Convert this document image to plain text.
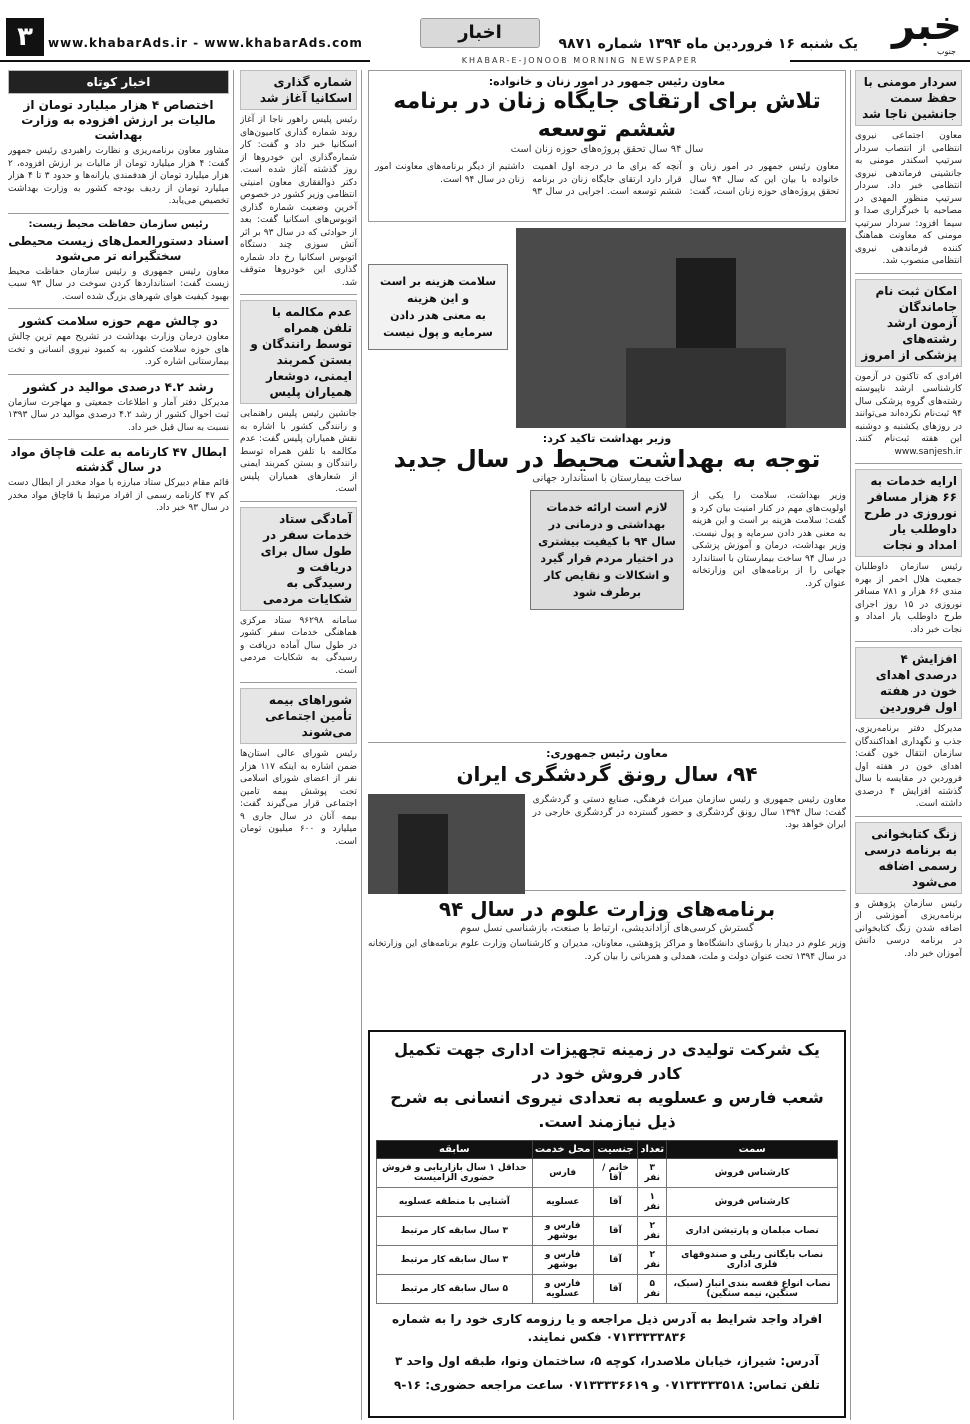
خبر
جنوب
یک شنبه ۱۶ فروردین ماه ۱۳۹۴ شماره ۹۸۷۱
اخبار
www.khabarAds.ir - www.khabarAds.com
۳
KHABAR-E-JONOOB MORNING NEWSPAPER
سردار مومنی با حفظ سمت جانشین ناجا شد
معاون اجتماعی نیروی انتظامی از انتصاب سردار سرتیپ اسکندر مومنی به جانشینی فرماندهی نیروی انتظامی خبر داد. سردار سرتیپ منظور المهدی در مصاحبه با خبرگزاری صدا و سیما افزود: سردار سرتیپ مومنی که معاونت هماهنگ کننده فرماندهی نیروی انتظامی منصوب شد.
امکان ثبت نام جاماندگان آزمون ارشد رشته‌های پزشکی از امروز
افرادی که تاکنون در آزمون کارشناسی ارشد ناپیوسته رشته‌های گروه پزشکی سال ۹۴ ثبت‌نام نکرده‌اند می‌توانند در روزهای یکشنبه و دوشنبه این هفته ثبت‌نام کنند. www.sanjesh.ir
ارایه خدمات به ۶۶ هزار مسافر نوروزی در طرح داوطلب یار امداد و نجات
رئیس سازمان داوطلبان جمعیت هلال احمر از بهره مندی ۶۶ هزار و ۷۸۱ مسافر نوروزی در ۱۵ روز اجرای طرح داوطلب یار امداد و نجات خبر داد.
افزایش ۴ درصدی اهدای خون در هفته اول فروردین
مدیرکل دفتر برنامه‌ریزی، جذب و نگهداری اهداکنندگان سازمان انتقال خون گفت: اهدای خون در هفته اول فروردین در مقایسه با سال گذشته افزایش ۴ درصدی داشته است.
زنگ کتابخوانی به برنامه درسی رسمی اضافه می‌شود
رئیس سازمان پژوهش و برنامه‌ریزی آموزشی از اضافه شدن زنگ کتابخوانی در برنامه درسی دانش آموزان خبر داد.
معاون رئیس جمهور در امور زنان و خانواده:
تلاش برای ارتقای جایگاه زنان در برنامه ششم توسعه
سال ۹۴ سال تحقق پروژه‌های حوزه زنان است
معاون رئیس جمهور در امور زنان و خانواده با بیان این که سال ۹۴ سال تحقق پروژه‌های حوزه زنان است، گفت: آنچه که برای ما در درجه اول اهمیت قرار دارد ارتقای جایگاه زنان در برنامه ششم توسعه است. اجرایی در سال ۹۳ داشتیم از دیگر برنامه‌های معاونت امور زنان در سال ۹۴ است.
سلامت هزینه بر است
و این هزینه
به معنی هدر دادن
سرمایه و پول نیست
وزیر بهداشت تاکید کرد:
توجه به بهداشت محیط در سال جدید
ساخت بیمارستان با استاندارد جهانی
وزیر بهداشت، سلامت را یکی از اولویت‌های مهم در کنار امنیت بیان کرد و گفت: سلامت هزینه بر است و این هزینه به معنی هدر دادن سرمایه و پول نیست. وزیر بهداشت، درمان و آموزش پزشکی در سال ۹۴ ساخت بیمارستان با استاندارد جهانی را از برنامه‌های این وزارتخانه عنوان کرد.
لازم است ارائه خدمات بهداشتی و درمانی در سال ۹۴ با کیفیت بیشتری در اختیار مردم قرار گیرد و اشکالات و نقایص کار برطرف شود
معاون رئیس جمهوری:
۹۴، سال رونق گردشگری ایران
معاون رئیس جمهوری و رئیس سازمان میراث فرهنگی، صنایع دستی و گردشگری گفت: سال ۱۳۹۴ سال رونق گردشگری و حضور گسترده در گردشگری خارجی در ایران خواهد بود.
برنامه‌های وزارت علوم در سال ۹۴
گسترش کرسی‌های آزاداندیشی، ارتباط با صنعت، بازشناسی نسل سوم
وزیر علوم در دیدار با رؤسای دانشگاه‌ها و مراکز پژوهشی، معاونان، مدیران و کارشناسان وزارت علوم برنامه‌های این وزارتخانه در سال ۱۳۹۴ تحت عنوان دولت و ملت، همدلی و همزبانی را بیان کرد.
یک شرکت تولیدی در زمینه تجهیزات اداری جهت تکمیل کادر فروش خود در
شعب فارس و عسلویه به تعدادی نیروی انسانی به شرح ذیل نیازمند است.
سمت	تعداد	جنسیت	محل خدمت	سابقه
کارشناس فروش	۳ نفر	خانم / آقا	فارس	حداقل ۱ سال بازاریابی و فروش حضوری الزامیست
کارشناس فروش	۱ نفر	آقا	عسلویه	آشنایی با منطقه عسلویه
نصاب مبلمان و پارتیشن اداری	۲ نفر	آقا	فارس و بوشهر	۳ سال سابقه کار مرتبط
نصاب بایگانی ریلی و صندوقهای فلزی اداری	۲ نفر	آقا	فارس و بوشهر	۳ سال سابقه کار مرتبط
نصاب انواع قفسه بندی انبار (سبک، سنگین، نیمه سنگین)	۵ نفر	آقا	فارس و عسلویه	۵ سال سابقه کار مرتبط
افراد واجد شرایط به آدرس ذیل مراجعه و یا رزومه کاری خود را به شماره ۰۷۱۳۳۳۳۳۸۳۶ فکس نمایند.
آدرس: شیراز، خیابان ملاصدرا، کوچه ۵، ساختمان ونوا، طبقه اول واحد ۳
تلفن تماس: ۰۷۱۳۳۳۳۳۵۱۸ و ۰۷۱۳۳۳۳۶۶۱۹ ساعت مراجعه حضوری: ۱۶-۹
شماره گذاری اسکانیا آغاز شد
رئیس پلیس راهور ناجا از آغاز روند شماره گذاری کامیون‌های اسکانیا خبر داد و گفت: کار شماره‌گذاری این خودروها از روز گذشته آغاز شده است. دکتر ذوالفقاری معاون امنیتی انتظامی وزیر کشور در خصوص آخرین وضعیت شماره گذاری اتوبوس‌های اسکانیا گفت: بعد از حوادثی که در سال ۹۳ بر اثر آتش سوزی چند دستگاه اتوبوس اسکانیا رخ داد شماره گذاری این خودروها متوقف شد.
عدم مکالمه با تلفن همراه توسط رانندگان و بستن کمربند ایمنی، دوشعار همیاران پلیس
جانشین رئیس پلیس راهنمایی و رانندگی کشور با اشاره به نقش همیاران پلیس گفت: عدم مکالمه با تلفن همراه توسط رانندگان و بستن کمربند ایمنی از شعارهای همیاران پلیس است.
آمادگی ستاد خدمات سفر در طول سال برای دریافت و رسیدگی به شکایات مردمی
سامانه ۹۶۲۹۸ ستاد مرکزی هماهنگی خدمات سفر کشور در طول سال آماده دریافت و رسیدگی به شکایات مردمی است.
شوراهای بیمه تأمین اجتماعی می‌شوند
رئیس شورای عالی استان‌ها ضمن اشاره به اینکه ۱۱۷ هزار نفر از اعضای شورای اسلامی تحت پوشش بیمه تامین اجتماعی قرار می‌گیرند گفت: بیمه آنان در سال جاری ۹ میلیارد و ۶۰۰ میلیون تومان است.
اخبار کوتاه
اختصاص ۴ هزار میلیارد تومان از مالیات بر ارزش افزوده به وزارت بهداشت
مشاور معاون برنامه‌ریزی و نظارت راهبردی رئیس جمهور گفت: ۴ هزار میلیارد تومان از مالیات بر ارزش افزوده، ۲ هزار میلیارد تومان از هدفمندی یارانه‌ها و حدود ۳ تا ۴ هزار میلیارد تومان از ردیف بودجه کشور به وزارت بهداشت تخصیص می‌یابد.
رئیس سازمان حفاظت محیط زیست:
اسناد دستورالعمل‌های زیست محیطی سختگیرانه تر می‌شود
معاون رئیس جمهوری و رئیس سازمان حفاظت محیط زیست گفت: استانداردها کردن سوخت در سال ۹۳ سبب بهبود کیفیت هوای شهرهای بزرگ شده است.
دو چالش مهم حوزه سلامت کشور
معاون درمان وزارت بهداشت در تشریح مهم ترین چالش های حوزه سلامت کشور، به کمبود نیروی انسانی و تخت بیمارستانی اشاره کرد.
رشد ۴.۲ درصدی موالید در کشور
مدیرکل دفتر آمار و اطلاعات جمعیتی و مهاجرت سازمان ثبت احوال کشور از رشد ۴.۲ درصدی موالید در سال ۱۳۹۳ نسبت به سال قبل خبر داد.
ابطال ۴۷ کارنامه به علت قاچاق مواد در سال گذشته
قائم مقام دبیرکل ستاد مبارزه با مواد مخدر از ابطال دست کم ۴۷ کارنامه رسمی از افراد مرتبط با قاچاق مواد مخدر در سال ۹۳ خبر داد.
